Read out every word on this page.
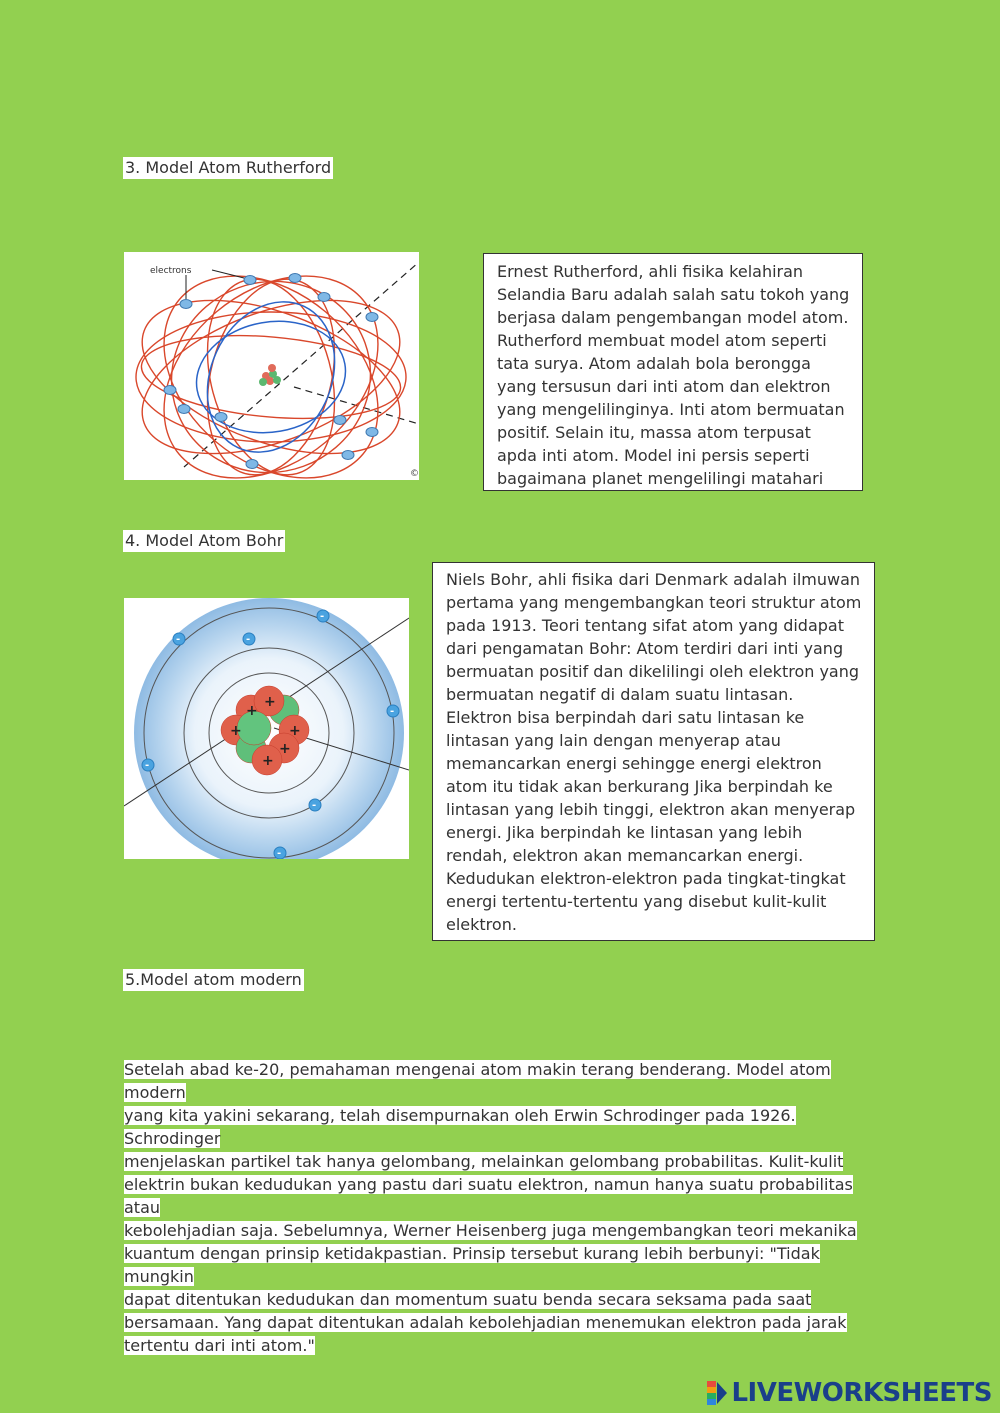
3. Model Atom Rutherford
electrons
©
Ernest Rutherford, ahli fisika kelahiran Selandia Baru adalah salah satu tokoh yang berjasa dalam pengembangan model atom. Rutherford membuat model atom seperti tata surya. Atom adalah bola berongga yang tersusun dari inti atom dan elektron yang mengelilinginya. Inti atom bermuatan positif. Selain itu, massa atom terpusat apda inti atom. Model ini persis seperti bagaimana planet mengelilingi matahari
4. Model Atom Bohr
+
+
+
+
+
+
-	-
-
-
-
-
-
Niels Bohr, ahli fisika dari Denmark adalah ilmuwan pertama yang mengembangkan teori struktur atom pada 1913. Teori tentang sifat atom yang didapat dari pengamatan Bohr: Atom terdiri dari inti yang bermuatan positif dan dikelilingi oleh elektron yang bermuatan negatif di dalam suatu lintasan. Elektron bisa berpindah dari satu lintasan ke lintasan yang lain dengan menyerap atau memancarkan energi sehingge energi elektron atom itu tidak akan berkurang Jika berpindah ke lintasan yang lebih tinggi, elektron akan menyerap energi. Jika berpindah ke lintasan yang lebih rendah, elektron akan memancarkan energi. Kedudukan elektron-elektron pada tingkat-tingkat energi tertentu-tertentu yang disebut kulit-kulit elektron.
5.Model atom modern
Setelah abad ke-20, pemahaman mengenai atom makin terang benderang. Model atom modern
yang kita yakini sekarang, telah disempurnakan oleh Erwin Schrodinger pada 1926. Schrodinger
menjelaskan partikel tak hanya gelombang, melainkan gelombang probabilitas. Kulit-kulit
elektrin bukan kedudukan yang pastu dari suatu elektron, namun hanya suatu probabilitas atau
kebolehjadian saja. Sebelumnya, Werner Heisenberg juga mengembangkan teori mekanika
kuantum dengan prinsip ketidakpastian. Prinsip tersebut kurang lebih berbunyi: "Tidak mungkin
dapat ditentukan kedudukan dan momentum suatu benda secara seksama pada saat
bersamaan. Yang dapat ditentukan adalah kebolehjadian menemukan elektron pada jarak
tertentu dari inti atom."
LIVEWORKSHEETS
